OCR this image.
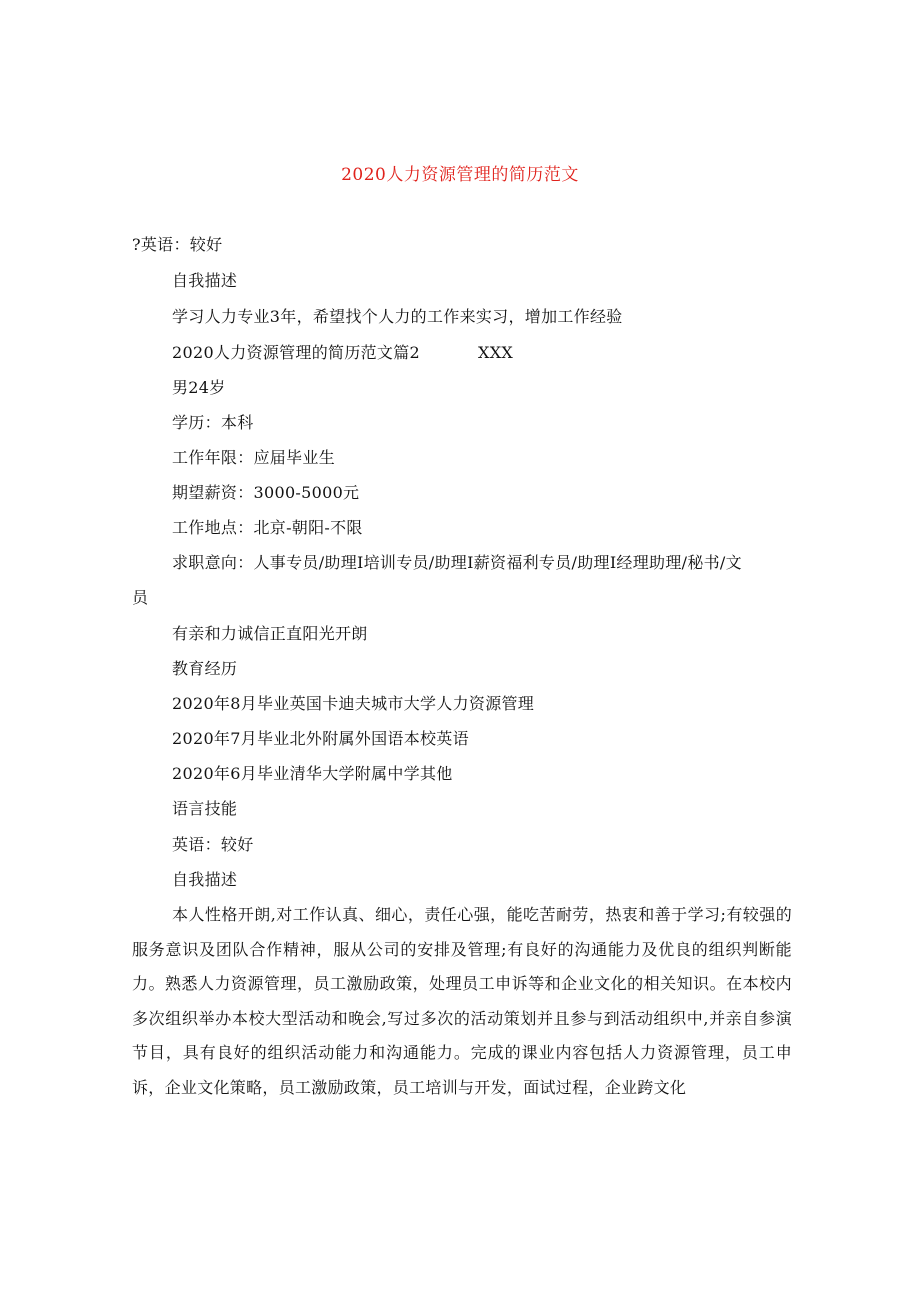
2020人力资源管理的简历范文
?英语：较好
自我描述
学习人力专业3年，希望找个人力的工作来实习，增加工作经验
2020人力资源管理的简历范文篇2	XXX
男24岁
学历：本科
工作年限：应届毕业生
期望薪资：3000-5000元
工作地点：北京-朝阳-不限
求职意向：人事专员/助理I培训专员/助理I薪资福利专员/助理I经理助理/秘书/文
员
有亲和力诚信正直阳光开朗
教育经历
2020年8月毕业英国卡迪夫城市大学人力资源管理
2020年7月毕业北外附属外国语本校英语
2020年6月毕业清华大学附属中学其他
语言技能
英语：较好
自我描述
本人性格开朗,对工作认真、细心，责任心强，能吃苦耐劳，热衷和善于学习;有较强的服务意识及团队合作精神，服从公司的安排及管理;有良好的沟通能力及优良的组织判断能力。熟悉人力资源管理，员工激励政策，处理员工申诉等和企业文化的相关知识。在本校内多次组织举办本校大型活动和晚会,写过多次的活动策划并且参与到活动组织中,并亲自参演节目，具有良好的组织活动能力和沟通能力。完成的课业内容包括人力资源管理，员工申诉，企业文化策略，员工激励政策，员工培训与开发，面试过程，企业跨文化
